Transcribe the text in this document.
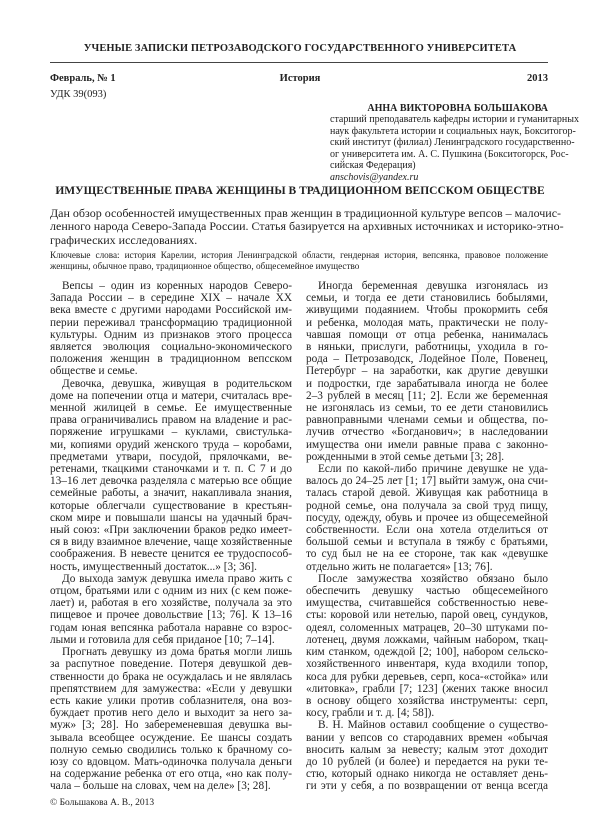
УЧЕНЫЕ ЗАПИСКИ ПЕТРОЗАВОДСКОГО ГОСУДАРСТВЕННОГО УНИВЕРСИТЕТА
Февраль, № 1	История	2013
УДК 39(093)
АННА ВИКТОРОВНА БОЛЬШАКОВА
старший преподаватель кафедры истории и гуманитарных
наук факультета истории и социальных наук, Бокситогор-
ский институт (филиал) Ленинградского государственно-
ог университета им. А. С. Пушкина (Бокситогорск, Рос-
сийская Федерация)
anschovis@yandex.ru
ИМУЩЕСТВЕННЫЕ ПРАВА ЖЕНЩИНЫ В ТРАДИЦИОННОМ ВЕПССКОМ ОБЩЕСТВЕ
Дан обзор особенностей имущественных прав женщин в традиционной культуре вепсов – малочис-
ленного народа Северо-Запада России. Статья базируется на архивных источниках и историко-этно-
графических исследованиях.
Ключевые слова: история Карелии, история Ленинградской области, гендерная история, вепсянка, правовое положение
женщины, обычное право, традиционное общество, общесемейное имущество
Вепсы – один из коренных народов Северо-
Запада России – в середине XIX – начале XX
века вместе с другими народами Российской им-
перии переживал трансформацию традиционной
культуры. Одним из признаков этого процесса
является эволюция социально-экономического
положения женщин в традиционном вепсском
обществе и семье.
Девочка, девушка, живущая в родительском
доме на попечении отца и матери, считалась вре-
менной жилицей в семье. Ее имущественные
права ограничивались правом на владение и рас-
поряжение игрушками – куклами, свистулька-
ми, копиями орудий женского труда – коробами,
предметами утвари, посудой, прялочками, ве-
ретенами, ткацкими станочками и т. п. С 7 и до
13–16 лет девочка разделяла с матерью все общие
семейные работы, а значит, накапливала знания,
которые облегчали существование в крестьян-
ском мире и повышали шансы на удачный брач-
ный союз: «При заключении браков редко имеет-
ся в виду взаимное влечение, чаще хозяйственные
соображения. В невесте ценится ее трудоспособ-
ность, имущественный достаток...» [3; 36].
До выхода замуж девушка имела право жить с
отцом, братьями или с одним из них (с кем поже-
лает) и, работая в его хозяйстве, получала за это
пищевое и прочее довольствие [13; 76]. К 13–16
годам юная вепсянка работала наравне со взрос-
лыми и готовила для себя приданое [10; 7–14].
Прогнать девушку из дома братья могли лишь
за распутное поведение. Потеря девушкой дев-
ственности до брака не осуждалась и не являлась
препятствием для замужества: «Если у девушки
есть какие улики против соблазнителя, она воз-
буждает против него дело и выходит за него за-
муж» [3; 28]. Но забеременевшая девушка вы-
зывала всеобщее осуждение. Ее шансы создать
полную семью сводились только к брачному со-
юзу со вдовцом. Мать-одиночка получала деньги
на содержание ребенка от его отца, «но как полу-
чала – больше на словах, чем на деле» [3; 28].
Иногда беременная девушка изгонялась из
семьи, и тогда ее дети становились бобылями,
живущими подаянием. Чтобы прокормить себя
и ребенка, молодая мать, практически не полу-
чавшая помощи от отца ребенка, нанималась
в няньки, прислуги, работницы, уходила в го-
рода – Петрозаводск, Лодейное Поле, Повенец,
Петербург – на заработки, как другие девушки
и подростки, где зарабатывала иногда не более
2–3 рублей в месяц [11; 2]. Если же беременная
не изгонялась из семьи, то ее дети становились
равноправными членами семьи и общества, по-
лучив отчество «Богданович»; в наследовании
имущества они имели равные права с законно-
рожденными в этой семье детьми [3; 28].
Если по какой-либо причине девушке не уда-
валось до 24–25 лет [1; 17] выйти замуж, она счи-
талась старой девой. Живущая как работница в
родной семье, она получала за свой труд пищу,
посуду, одежду, обувь и прочее из общесемейной
собственности. Если она хотела отделиться от
большой семьи и вступала в тяжбу с братьями,
то суд был не на ее стороне, так как «девушке
отдельно жить не полагается» [13; 76].
После замужества хозяйство обязано было
обеспечить девушку частью общесемейного
имущества, считавшейся собственностью неве-
сты: коровой или нетелью, парой овец, сундуков,
одеял, соломенных матрацев, 20–30 штуками по-
лотенец, двумя ложками, чайным набором, ткац-
ким станком, одеждой [2; 100], набором сельско-
хозяйственного инвентаря, куда входили топор,
коса для рубки деревьев, серп, коса-«стойка» или
«литовка», грабли [7; 123] (жених также вносил
в основу общего хозяйства инструменты: серп,
косу, грабли и т. д. [4; 58]).
В. Н. Майнов оставил сообщение о существо-
вании у вепсов со стародавних времен «обычая
вносить калым за невесту; калым этот доходит
до 10 рублей (и более) и передается на руки те-
стю, который однако никогда не оставляет день-
ги эти у себя, а по возвращении от венца всегда
© Большакова А. В., 2013
